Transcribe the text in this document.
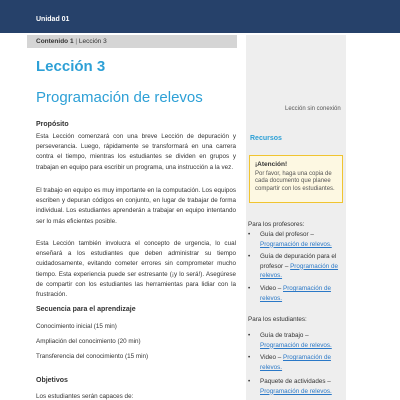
Unidad 01
Contenido 1 | Lección 3
Lección 3
Programación de relevos
Propósito

Esta Lección comenzará con una breve Lección de depuración y perseverancia. Luego, rápidamente se transformará en una carrera contra el tiempo, mientras los estudiantes se dividen en grupos y trabajan en equipo para escribir un programa, una instrucción a la vez.

El trabajo en equipo es muy importante en la computación. Los equipos escriben y depuran códigos en conjunto, en lugar de trabajar de forma individual. Los estudiantes aprenderán a trabajar en equipo intentando ser lo más eficientes posible.

Esta Lección también involucra el concepto de urgencia, lo cual enseñará a los estudiantes que deben administrar su tiempo cuidadosamente, evitando cometer errores sin comprometer mucho tiempo. Esta experiencia puede ser estresante (¡y lo será!). Asegúrese de compartir con los estudiantes las herramientas para lidiar con la frustración.

Secuencia para el aprendizaje
Conocimiento inicial (15 min)
Ampliación del conocimiento (20 min)
Transferencia del conocimiento (15 min)
Objetivos
Los estudiantes serán capaces de:
Lección sin conexión
Recursos
¡Atención!
Por favor, haga una copia de cada documento que planee compartir con los estudiantes.
Para los profesores:
•	Guía del profesor – Programación de relevos.
•	Guía de depuración para el profesor – Programación de relevos.
•	Video – Programación de relevos.
Para los estudiantes:
•	Guía de trabajo – Programación de relevos.
•	Video – Programación de relevos.
•	Paquete de actividades – Programación de relevos.
